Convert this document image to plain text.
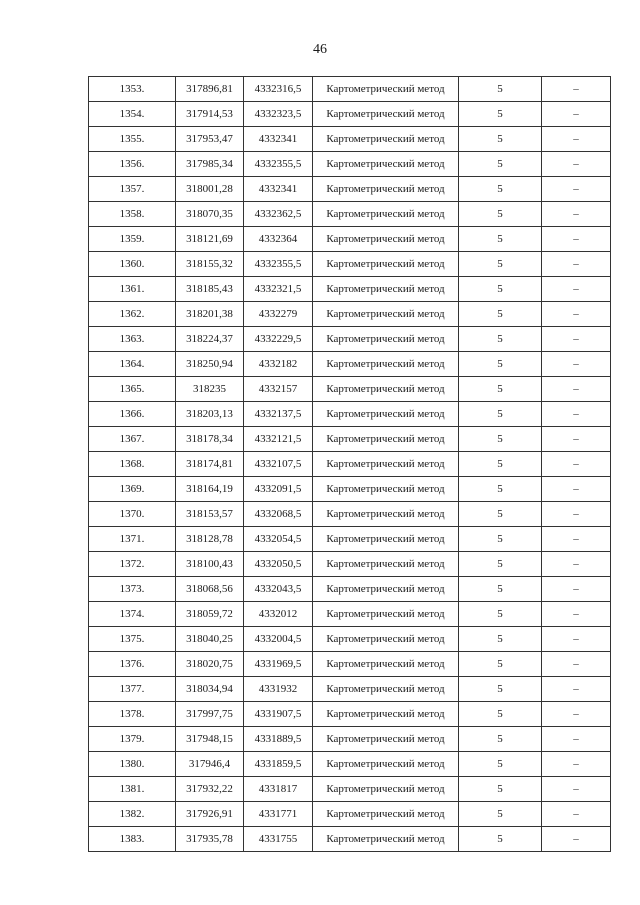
46
1353.	317896,81	4332316,5	Картометрический метод	5	–
1354.	317914,53	4332323,5	Картометрический метод	5	–
1355.	317953,47	4332341	Картометрический метод	5	–
1356.	317985,34	4332355,5	Картометрический метод	5	–
1357.	318001,28	4332341	Картометрический метод	5	–
1358.	318070,35	4332362,5	Картометрический метод	5	–
1359.	318121,69	4332364	Картометрический метод	5	–
1360.	318155,32	4332355,5	Картометрический метод	5	–
1361.	318185,43	4332321,5	Картометрический метод	5	–
1362.	318201,38	4332279	Картометрический метод	5	–
1363.	318224,37	4332229,5	Картометрический метод	5	–
1364.	318250,94	4332182	Картометрический метод	5	–
1365.	318235	4332157	Картометрический метод	5	–
1366.	318203,13	4332137,5	Картометрический метод	5	–
1367.	318178,34	4332121,5	Картометрический метод	5	–
1368.	318174,81	4332107,5	Картометрический метод	5	–
1369.	318164,19	4332091,5	Картометрический метод	5	–
1370.	318153,57	4332068,5	Картометрический метод	5	–
1371.	318128,78	4332054,5	Картометрический метод	5	–
1372.	318100,43	4332050,5	Картометрический метод	5	–
1373.	318068,56	4332043,5	Картометрический метод	5	–
1374.	318059,72	4332012	Картометрический метод	5	–
1375.	318040,25	4332004,5	Картометрический метод	5	–
1376.	318020,75	4331969,5	Картометрический метод	5	–
1377.	318034,94	4331932	Картометрический метод	5	–
1378.	317997,75	4331907,5	Картометрический метод	5	–
1379.	317948,15	4331889,5	Картометрический метод	5	–
1380.	317946,4	4331859,5	Картометрический метод	5	–
1381.	317932,22	4331817	Картометрический метод	5	–
1382.	317926,91	4331771	Картометрический метод	5	–
1383.	317935,78	4331755	Картометрический метод	5	–
